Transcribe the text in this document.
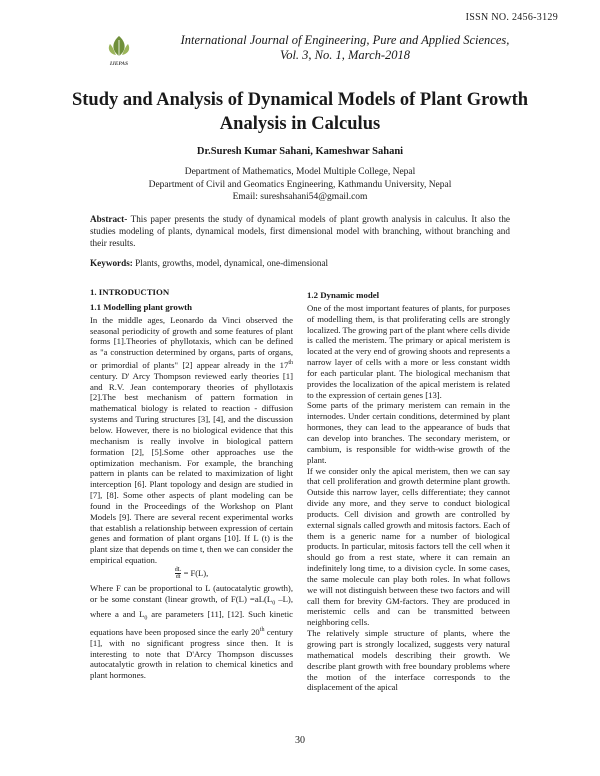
ISSN NO. 2456-3129
IJEPAS
International Journal of Engineering, Pure and Applied Sciences,
Vol. 3, No. 1, March-2018
Study and Analysis of Dynamical Models of Plant Growth Analysis in Calculus
Dr.Suresh Kumar Sahani, Kameshwar Sahani
Department of Mathematics, Model Multiple College, Nepal
Department of Civil and Geomatics Engineering, Kathmandu University, Nepal
Email: sureshsahani54@gmail.com

Abstract- This paper presents the study of dynamical models of plant growth analysis in calculus. It also the studies modeling of plants, dynamical models, first dimensional model with branching, without branching and their results.

Keywords: Plants, growths, model, dynamical, one-dimensional

1. INTRODUCTION
1.1 Modelling plant growth

In the middle ages, Leonardo da Vinci observed the seasonal periodicity of growth and some features of plant forms [1].Theories of phyllotaxis, which can be defined as "a construction determined by organs, parts of organs, or primordial of plants" [2] appear already in the 17th century. D' Arcy Thompson reviewed early theories [1] and R.V. Jean contemporary theories of phyllotaxis [2].The best mechanism of pattern formation in mathematical biology is related to reaction - diffusion systems and Turing structures [3], [4], and the discussion below. However, there is no biological evidence that this mechanism is really involve in biological pattern formation [2], [5].Some other approaches use the optimization mechanism. For example, the branching pattern in plants can be related to maximization of light interception [6]. Plant topology and design are studied in [7], [8]. Some other aspects of plant modeling can be found in the Proceedings of the Workshop on Plant Models [9]. There are several recent experimental works that establish a relationship between expression of certain genes and formation of plant organs [10]. If L (t) is the plant size that depends on time t, then we can consider the empirical equation.

$\frac{dL}{dt} = F(L)$,

Where F can be proportional to L (autocatalytic growth), or be some constant (linear growth, of $F(L) =aL(L_0$ –L), where a and $L_0$ are parameters [11], [12]. Such kinetic equations have been proposed since the early 20th century [1], with no significant progress since then. It is interesting to note that D'Arcy Thompson discusses autocatalytic growth in relation to chemical kinetics and plant hormones.

1.2 Dynamic model

One of the most important features of plants, for purposes of modelling them, is that proliferating cells are strongly localized. The growing part of the plant where cells divide is called the meristem. The primary or apical meristem is located at the very end of growing shoots and represents a narrow layer of cells with a more or less constant width for each particular plant. The biological mechanism that provides the localization of the apical meristem is related to the expression of certain genes [13].

Some parts of the primary meristem can remain in the internodes. Under certain conditions, determined by plant hormones, they can lead to the appearance of buds that can develop into branches. The secondary meristem, or cambium, is responsible for width-wise growth of the plant.

If we consider only the apical meristem, then we can say that cell proliferation and growth determine plant growth. Outside this narrow layer, cells differentiate; they cannot divide any more, and they serve to conduct biological products. Cell division and growth are controlled by external signals called growth and mitosis factors. Each of them is a generic name for a number of biological products. In particular, mitosis factors tell the cell when it should go from a rest state, where it can remain an indefinitely long time, to a division cycle. In some cases, the same molecule can play both roles. In what follows we will not distinguish between these two factors and will call them for brevity GM-factors. They are produced in meristemic cells and can be transmitted between neighboring cells.

The relatively simple structure of plants, where the growing part is strongly localized, suggests very natural mathematical models describing their growth. We describe plant growth with free boundary problems where the motion of the interface corresponds to the displacement of the apical

30
